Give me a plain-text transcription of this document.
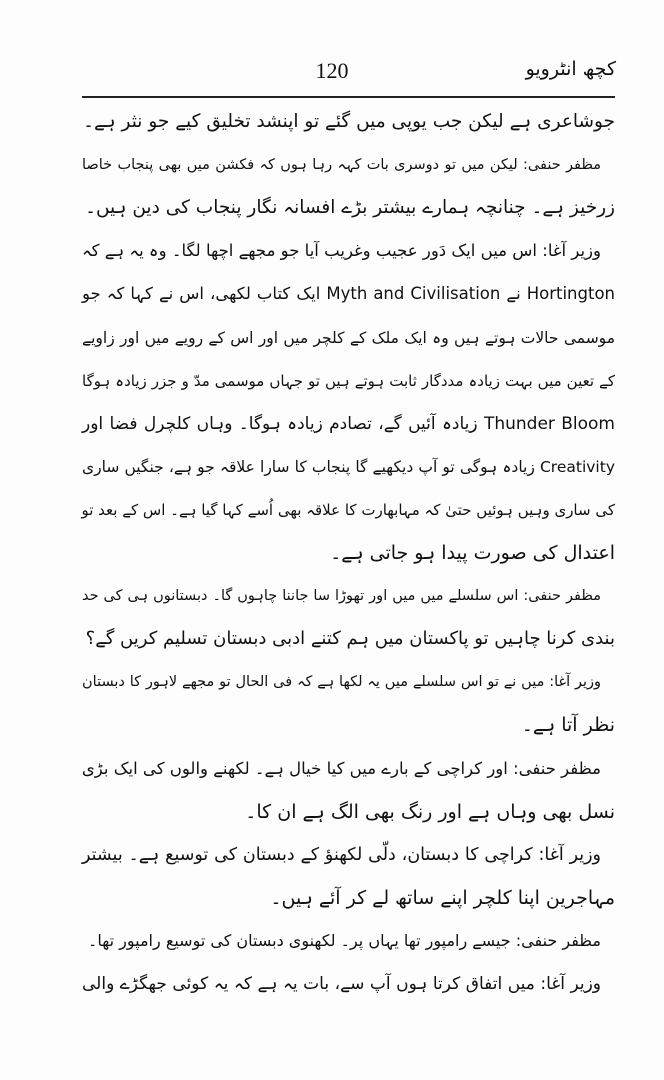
کچھ انٹرویو
120
جوشاعری ہے لیکن جب یوپی میں گئے تو اپنشد تخلیق کیے جو نثر ہے۔
مظفر حنفی: لیکن میں تو دوسری بات کہہ رہا ہوں کہ فکشن میں بھی پنجاب خاصا
زرخیز ہے۔ چنانچہ ہمارے بیشتر بڑے افسانہ نگار پنجاب کی دین ہیں۔
وزیر آغا: اس میں ایک دَور عجیب وغریب آیا جو مجھے اچھا لگا۔ وہ یہ ہے کہ
Hortington نے Myth and Civilisation ایک کتاب لکھی، اس نے کہا کہ جو
موسمی حالات ہوتے ہیں وہ ایک ملک کے کلچر میں اور اس کے رویے میں اور زاویے
کے تعین میں بہت زیادہ مددگار ثابت ہوتے ہیں تو جہاں موسمی مدّ و جزر زیادہ ہوگا
Thunder Bloom زیادہ آئیں گے، تصادم زیادہ ہوگا۔ وہاں کلچرل فضا اور
Creativity زیادہ ہوگی تو آپ دیکھیے گا پنجاب کا سارا علاقہ جو ہے، جنگیں ساری
کی ساری وہیں ہوئیں حتیٰ کہ مہابھارت کا علاقہ بھی اُسے کہا گیا ہے۔ اس کے بعد تو
اعتدال کی صورت پیدا ہو جاتی ہے۔
مظفر حنفی: اس سلسلے میں میں اور تھوڑا سا جاننا چاہوں گا۔ دبستانوں ہی کی حد
بندی کرنا چاہیں تو پاکستان میں ہم کتنے ادبی دبستان تسلیم کریں گے؟
وزیر آغا: میں نے تو اس سلسلے میں یہ لکھا ہے کہ فی الحال تو مجھے لاہور کا دبستان
نظر آتا ہے۔
مظفر حنفی: اور کراچی کے بارے میں کیا خیال ہے۔ لکھنے والوں کی ایک بڑی
نسل بھی وہاں ہے اور رنگ بھی الگ ہے ان کا۔
وزیر آغا: کراچی کا دبستان، دلّی لکھنؤ کے دبستان کی توسیع ہے۔ بیشتر
مہاجرین اپنا کلچر اپنے ساتھ لے کر آئے ہیں۔
مظفر حنفی: جیسے رامپور تھا یہاں پر۔ لکھنوی دبستان کی توسیع رامپور تھا۔
وزیر آغا: میں اتفاق کرتا ہوں آپ سے، بات یہ ہے کہ یہ کوئی جھگڑے والی
